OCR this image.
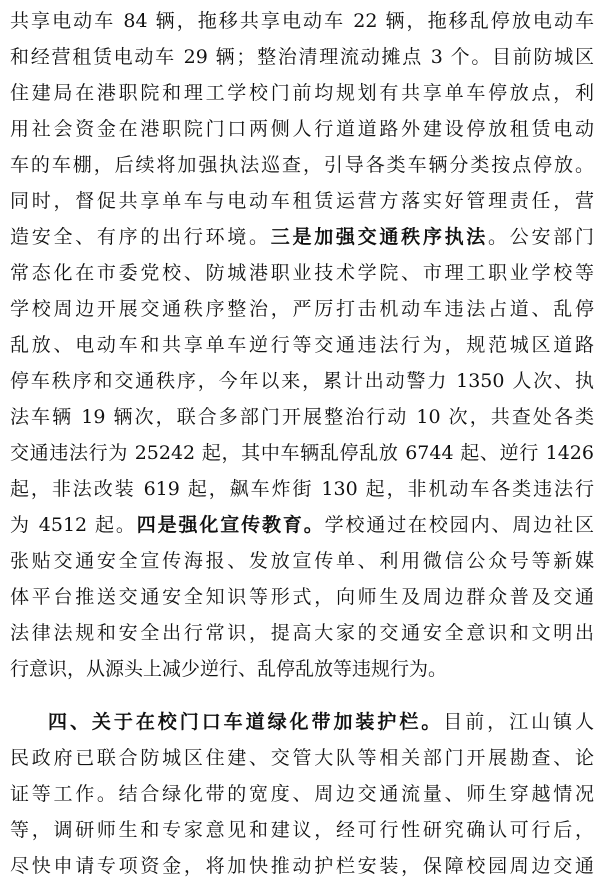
共享电动车 84 辆，拖移共享电动车 22 辆，拖移乱停放电动车
和经营租赁电动车 29 辆；整治清理流动摊点 3 个。目前防城区
住建局在港职院和理工学校门前均规划有共享单车停放点，利
用社会资金在港职院门口两侧人行道道路外建设停放租赁电动
车的车棚，后续将加强执法巡查，引导各类车辆分类按点停放。
同时，督促共享单车与电动车租赁运营方落实好管理责任，营
造安全、有序的出行环境。三是加强交通秩序执法。公安部门
常态化在市委党校、防城港职业技术学院、市理工职业学校等
学校周边开展交通秩序整治，严厉打击机动车违法占道、乱停
乱放、电动车和共享单车逆行等交通违法行为，规范城区道路
停车秩序和交通秩序，今年以来，累计出动警力 1350 人次、执
法车辆 19 辆次，联合多部门开展整治行动 10 次，共查处各类
交通违法行为 25242 起，其中车辆乱停乱放 6744 起、逆行 1426
起，非法改装 619 起，飙车炸街 130 起，非机动车各类违法行
为 4512 起。四是强化宣传教育。学校通过在校园内、周边社区
张贴交通安全宣传海报、发放宣传单、利用微信公众号等新媒
体平台推送交通安全知识等形式，向师生及周边群众普及交通
法律法规和安全出行常识，提高大家的交通安全意识和文明出
行意识，从源头上减少逆行、乱停乱放等违规行为。
四、关于在校门口车道绿化带加装护栏。目前，江山镇人
民政府已联合防城区住建、交管大队等相关部门开展勘查、论
证等工作。结合绿化带的宽度、周边交通流量、师生穿越情况
等，调研师生和专家意见和建议，经可行性研究确认可行后，
尽快申请专项资金，将加快推动护栏安装，保障校园周边交通
